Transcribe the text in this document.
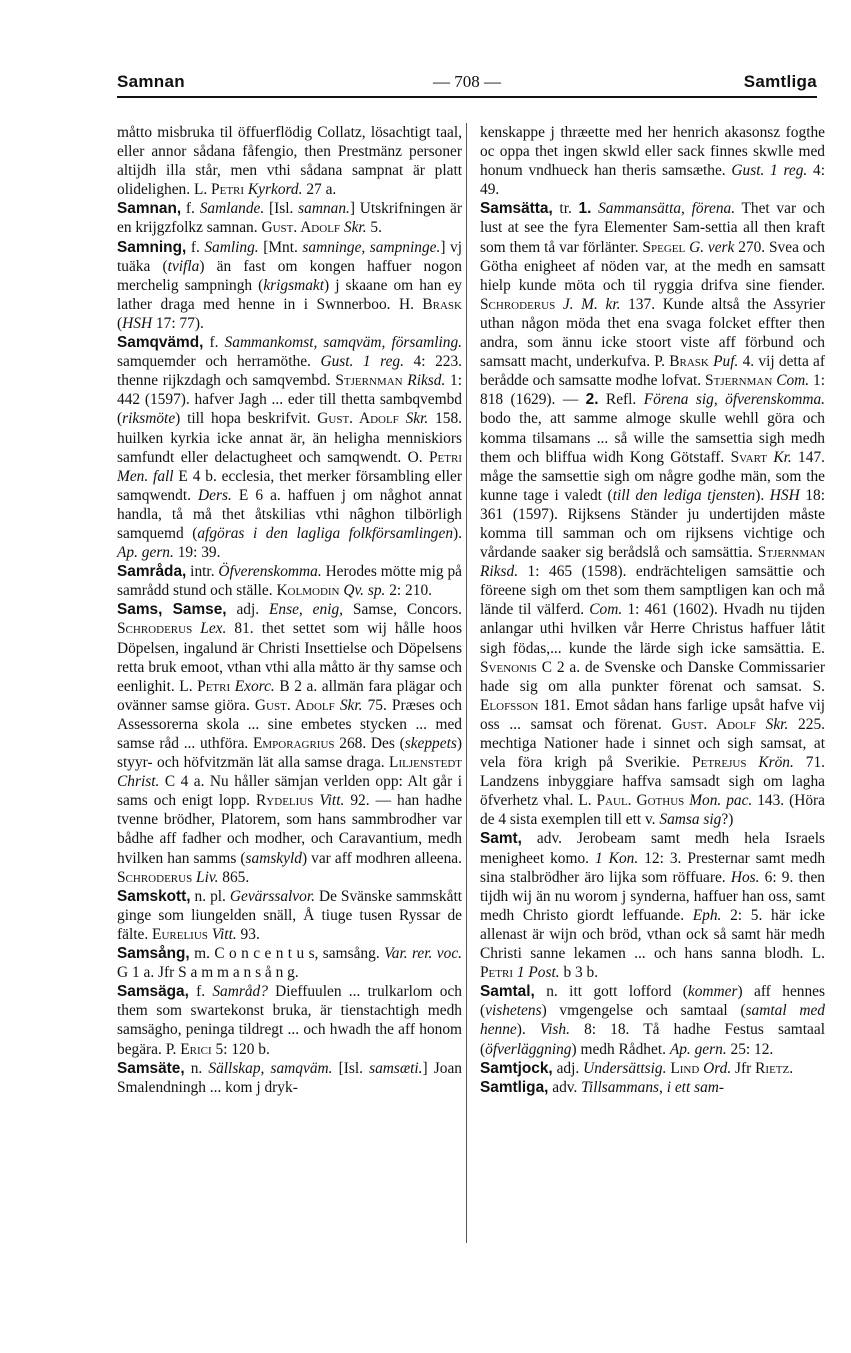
Samnan	— 708 —	Samtliga

måtto misbruka til öffuerflödig Collatz, lösachtigt taal, eller annor sådana fåfengio, then Prestmänz personer altijdh illa står, men vthi sådana sampnat är platt olidelighen. L. Petri Kyrkord. 27 a.

Samnan, f. Samlande. [Isl. samnan.] Utskrifningen är en krijgzfolkz samnan. Gust. Adolf Skr. 5.

Samning, f. Samling. [Mnt. samninge, sampninge.] vj tuäka (tvifla) än fast om kongen haffuer nogon merchelig sampningh (krigsmakt) j skaane om han ey lather draga med henne in i Swnnerboo. H. Brask (HSH 17: 77).

Samqvämd, f. Sammankomst, samqväm, församling. samquemder och herramöthe. Gust. 1 reg. 4: 223. thenne rijkzdagh och samqvembd. Stjernman Riksd. 1: 442 (1597). hafver Jagh ... eder till thetta sambqvembd (riksmöte) till hopa beskrifvit. Gust. Adolf Skr. 158. huilken kyrkia icke annat är, än heligha menniskiors samfundt eller delactugheet och samqwendt. O. Petri Men. fall E 4 b. ecclesia, thet merker försambling eller samqwendt. Ders. E 6 a. haffuen j om någhot annat handla, tå må thet åtskilias vthi nâghon tilbörligh samquemd (afgöras i den lagliga folkförsamlingen). Ap. gern. 19: 39.

Samråda, intr. Öfverenskomma. Herodes mötte mig på samrådd stund och ställe. Kolmodin Qv. sp. 2: 210.

Sams, Samse, adj. Ense, enig, Samse, Concors. Schroderus Lex. 81. thet settet som wij hålle hoos Döpelsen, ingalund är Christi Insettielse och Döpelsens retta bruk emoot, vthan vthi alla måtto är thy samse och eenlighit. L. Petri Exorc. B 2 a. allmän fara plägar och ovänner samse giöra. Gust. Adolf Skr. 75. Præses och Assessorerna skola ... sine embetes stycken ... med samse råd ... uthföra. Emporagrius 268. Des (skeppets) styyr- och höfvitzmän lät alla samse draga. Liljenstedt Christ. C 4 a. Nu håller sämjan verlden opp: Alt går i sams och enigt lopp. Rydelius Vitt. 92. — han hadhe tvenne brödher, Platorem, som hans sammbrodher var bådhe aff fadher och modher, och Caravantium, medh hvilken han samms (samskyld) var aff modhren alleena. Schroderus Liv. 865.

Samskott, n. pl. Gevärssalvor. De Svänske sammskått ginge som liungelden snäll, Å tiuge tusen Ryssar de fälte. Eurelius Vitt. 93.

Samsång, m. C o n c e n t u s, samsång. Var. rer. voc. G 1 a. Jfr S a m m a n s å n g.

Samsäga, f. Samråd? Dieffuulen ... trulkarlom och them som swartekonst bruka, är tienstachtigh medh samsägho, peninga tildregt ... och hwadh the aff honom begära. P. Erici 5: 120 b.

Samsäte, n. Sällskap, samqväm. [Isl. samsæti.] Joan Smalendningh ... kom j dryk-

kenskappe j thræette med her henrich akasonsz fogthe oc oppa thet ingen skwld eller sack finnes skwlle med honum vndhueck han theris samsæthe. Gust. 1 reg. 4: 49.

Samsätta, tr. 1. Sammansätta, förena. Thet var och lust at see the fyra Elementer Sam-settia all then kraft som them tå var förlänter. Spegel G. verk 270. Svea och Götha enigheet af nöden var, at the medh en samsatt hielp kunde möta och til ryggia drifva sine fiender. Schroderus J. M. kr. 137. Kunde altså the Assyrier uthan någon möda thet ena svaga folcket effter then andra, som ännu icke stoort viste aff förbund och samsatt macht, underkufva. P. Brask Puf. 4. vij detta af berådde och samsatte modhe lofvat. Stjernman Com. 1: 818 (1629). — 2. Refl. Förena sig, öfverenskomma. bodo the, att samme almoge skulle wehll göra och komma tilsamans ... så wille the samsettia sigh medh them och bliffua widh Kong Götstaff. Svart Kr. 147. måge the samsettie sigh om någre godhe män, som the kunne tage i valedt (till den lediga tjensten). HSH 18: 361 (1597). Rijksens Ständer ju undertijden måste komma till samman och om rijksens vichtige och vårdande saaker sig berådslå och samsättia. Stjernman Riksd. 1: 465 (1598). endrächteligen samsättie och föreene sigh om thet som them samptligen kan och må lände til välferd. Com. 1: 461 (1602). Hvadh nu tijden anlangar uthi hvilken vår Herre Christus haffuer låtit sigh födas,... kunde the lärde sigh icke samsättia. E. Svenonis C 2 a. de Svenske och Danske Commissarier hade sig om alla punkter förenat och samsat. S. Elofsson 181. Emot sådan hans farlige upsåt hafve vij oss ... samsat och förenat. Gust. Adolf Skr. 225. mechtiga Nationer hade i sinnet och sigh samsat, at vela föra krigh på Sverikie. Petrejus Krön. 71. Landzens inbyggiare haffva samsadt sigh om lagha öfverhetz vhal. L. Paul. Gothus Mon. pac. 143. (Höra de 4 sista exemplen till ett v. Samsa sig?)

Samt, adv. Jerobeam samt medh hela Israels menigheet komo. 1 Kon. 12: 3. Presternar samt medh sina stalbrödher äro lijka som röffuare. Hos. 6: 9. then tijdh wij än nu worom j synderna, haffuer han oss, samt medh Christo giordt leffuande. Eph. 2: 5. här icke allenast är wijn och bröd, vthan ock så samt här medh Christi sanne lekamen ... och hans sanna blodh. L. Petri 1 Post. b 3 b.

Samtal, n. itt gott lofford (kommer) aff hennes (vishetens) vmgengelse och samtaal (samtal med henne). Vish. 8: 18. Tå hadhe Festus samtaal (öfverläggning) medh Rådhet. Ap. gern. 25: 12.

Samtjock, adj. Undersättsig. Lind Ord. Jfr Rietz.

Samtliga, adv. Tillsammans, i ett sam-
